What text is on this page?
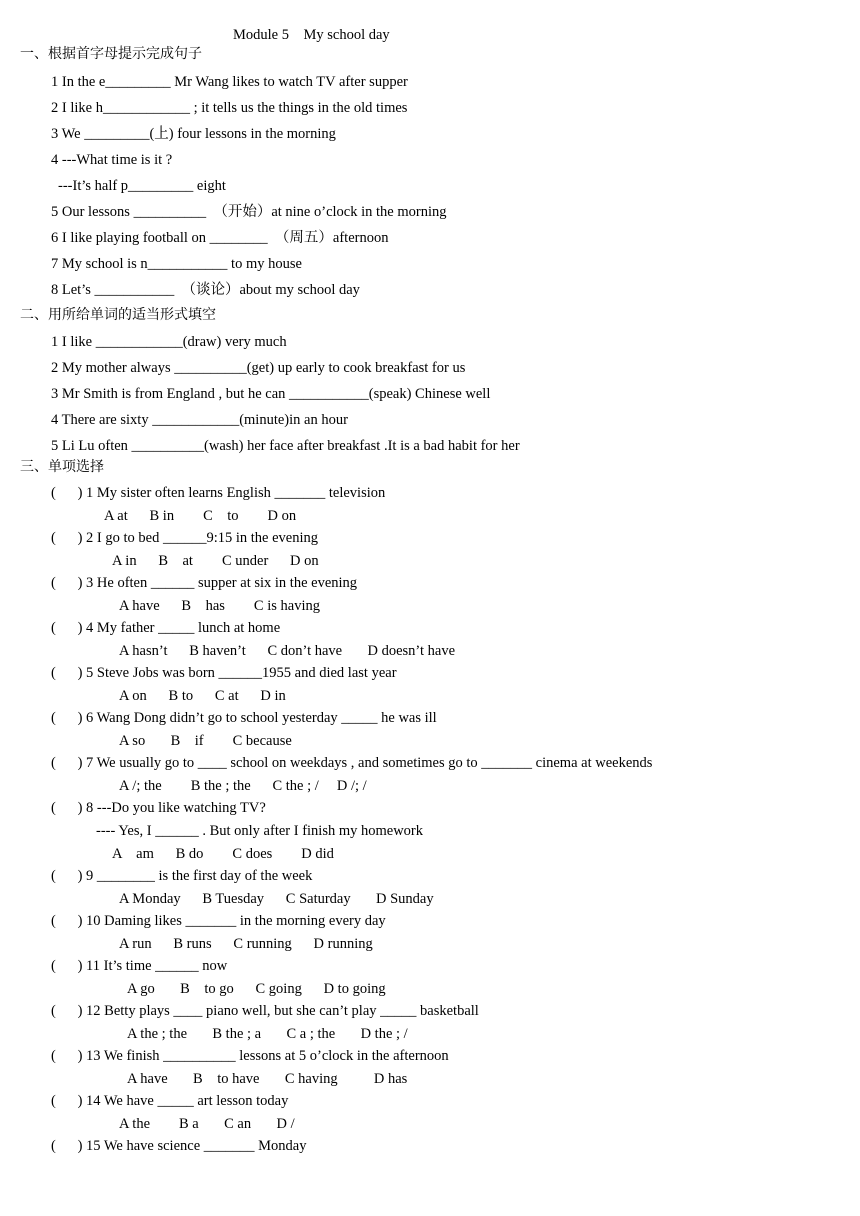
Module 5    My school day
一、根据首字母提示完成句子
1 In the e_________ Mr Wang likes to watch TV after supper
2 I like h____________ ; it tells us the things in the old times
3 We _________(上) four lessons in the morning
4 ---What time is it ?
---It’s half p_________ eight
5 Our lessons __________  （开始）at nine o’clock in the morning
6 I like playing football on ________  （周五）afternoon
7 My school is n___________ to my house
8 Let’s ___________  （谈论）about my school day
二、用所给单词的适当形式填空
1 I like ____________(draw) very much
2 My mother always __________(get) up early to cook breakfast for us
3 Mr Smith is from England , but he can ___________(speak) Chinese well
4 There are sixty ____________(minute)in an hour
5 Li Lu often __________(wash) her face after breakfast .It is a bad habit for her
三、单项选择
(      ) 1 My sister often learns English _______ television
A at      B in        C    to        D on
(      ) 2 I go to bed ______9:15 in the evening
A in      B    at        C under      D on
(      ) 3 He often ______ supper at six in the evening
A have      B    has        C is having
(      ) 4 My father _____ lunch at home
A hasn’t      B haven’t      C don’t have       D doesn’t have
(      ) 5 Steve Jobs was born ______1955 and died last year
A on      B to      C at      D in
(      ) 6 Wang Dong didn’t go to school yesterday _____ he was ill
A so       B    if        C because
(      ) 7 We usually go to ____ school on weekdays , and sometimes go to _______ cinema at weekends
A /; the        B the ; the      C the ; /     D /; /
(      ) 8 ---Do you like watching TV?
---- Yes, I ______ . But only after I finish my homework
A    am      B do        C does        D did
(      ) 9 ________ is the first day of the week
A Monday      B Tuesday      C Saturday       D Sunday
(      ) 10 Daming likes _______ in the morning every day
A run      B runs      C running      D running
(      ) 11 It’s time ______ now
A go       B    to go      C going      D to going
(      ) 12 Betty plays ____ piano well, but she can’t play _____ basketball
A the ; the       B the ; a       C a ; the       D the ; /
(      ) 13 We finish __________ lessons at 5 o’clock in the afternoon
A have       B    to have       C having          D has
(      ) 14 We have _____ art lesson today
A the        B a       C an       D /
(      ) 15 We have science _______ Monday
